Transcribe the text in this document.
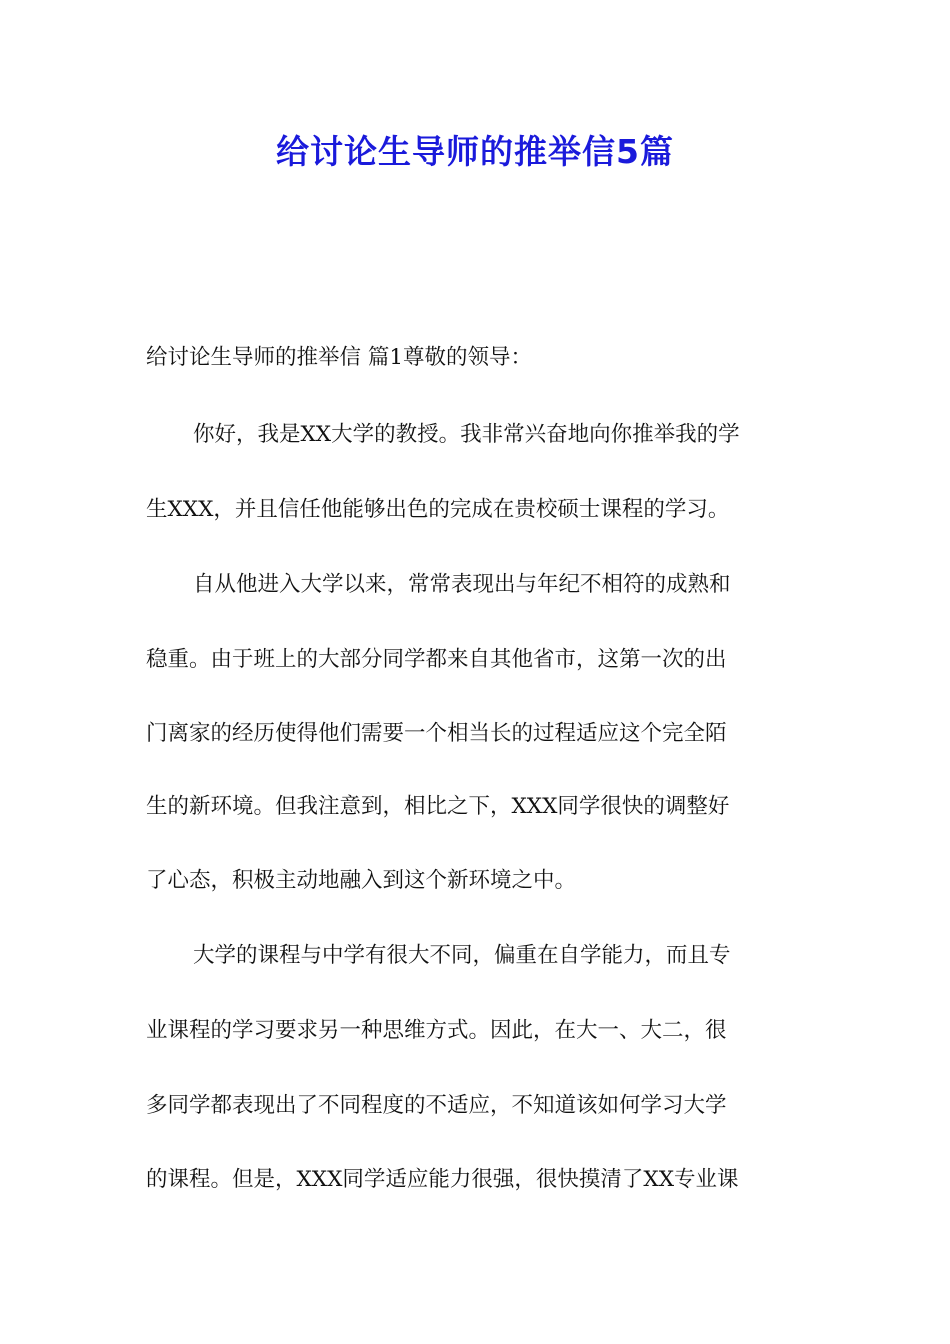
给讨论生导师的推举信5篇
给讨论生导师的推举信 篇1尊敬的领导：
你好，我是XX大学的教授。我非常兴奋地向你推举我的学
生XXX，并且信任他能够出色的完成在贵校硕士课程的学习。
自从他进入大学以来，常常表现出与年纪不相符的成熟和
稳重。由于班上的大部分同学都来自其他省市，这第一次的出
门离家的经历使得他们需要一个相当长的过程适应这个完全陌
生的新环境。但我注意到，相比之下，XXX同学很快的调整好
了心态，积极主动地融入到这个新环境之中。
大学的课程与中学有很大不同，偏重在自学能力，而且专
业课程的学习要求另一种思维方式。因此，在大一、大二，很
多同学都表现出了不同程度的不适应，不知道该如何学习大学
的课程。但是，XXX同学适应能力很强，很快摸清了XX专业课
